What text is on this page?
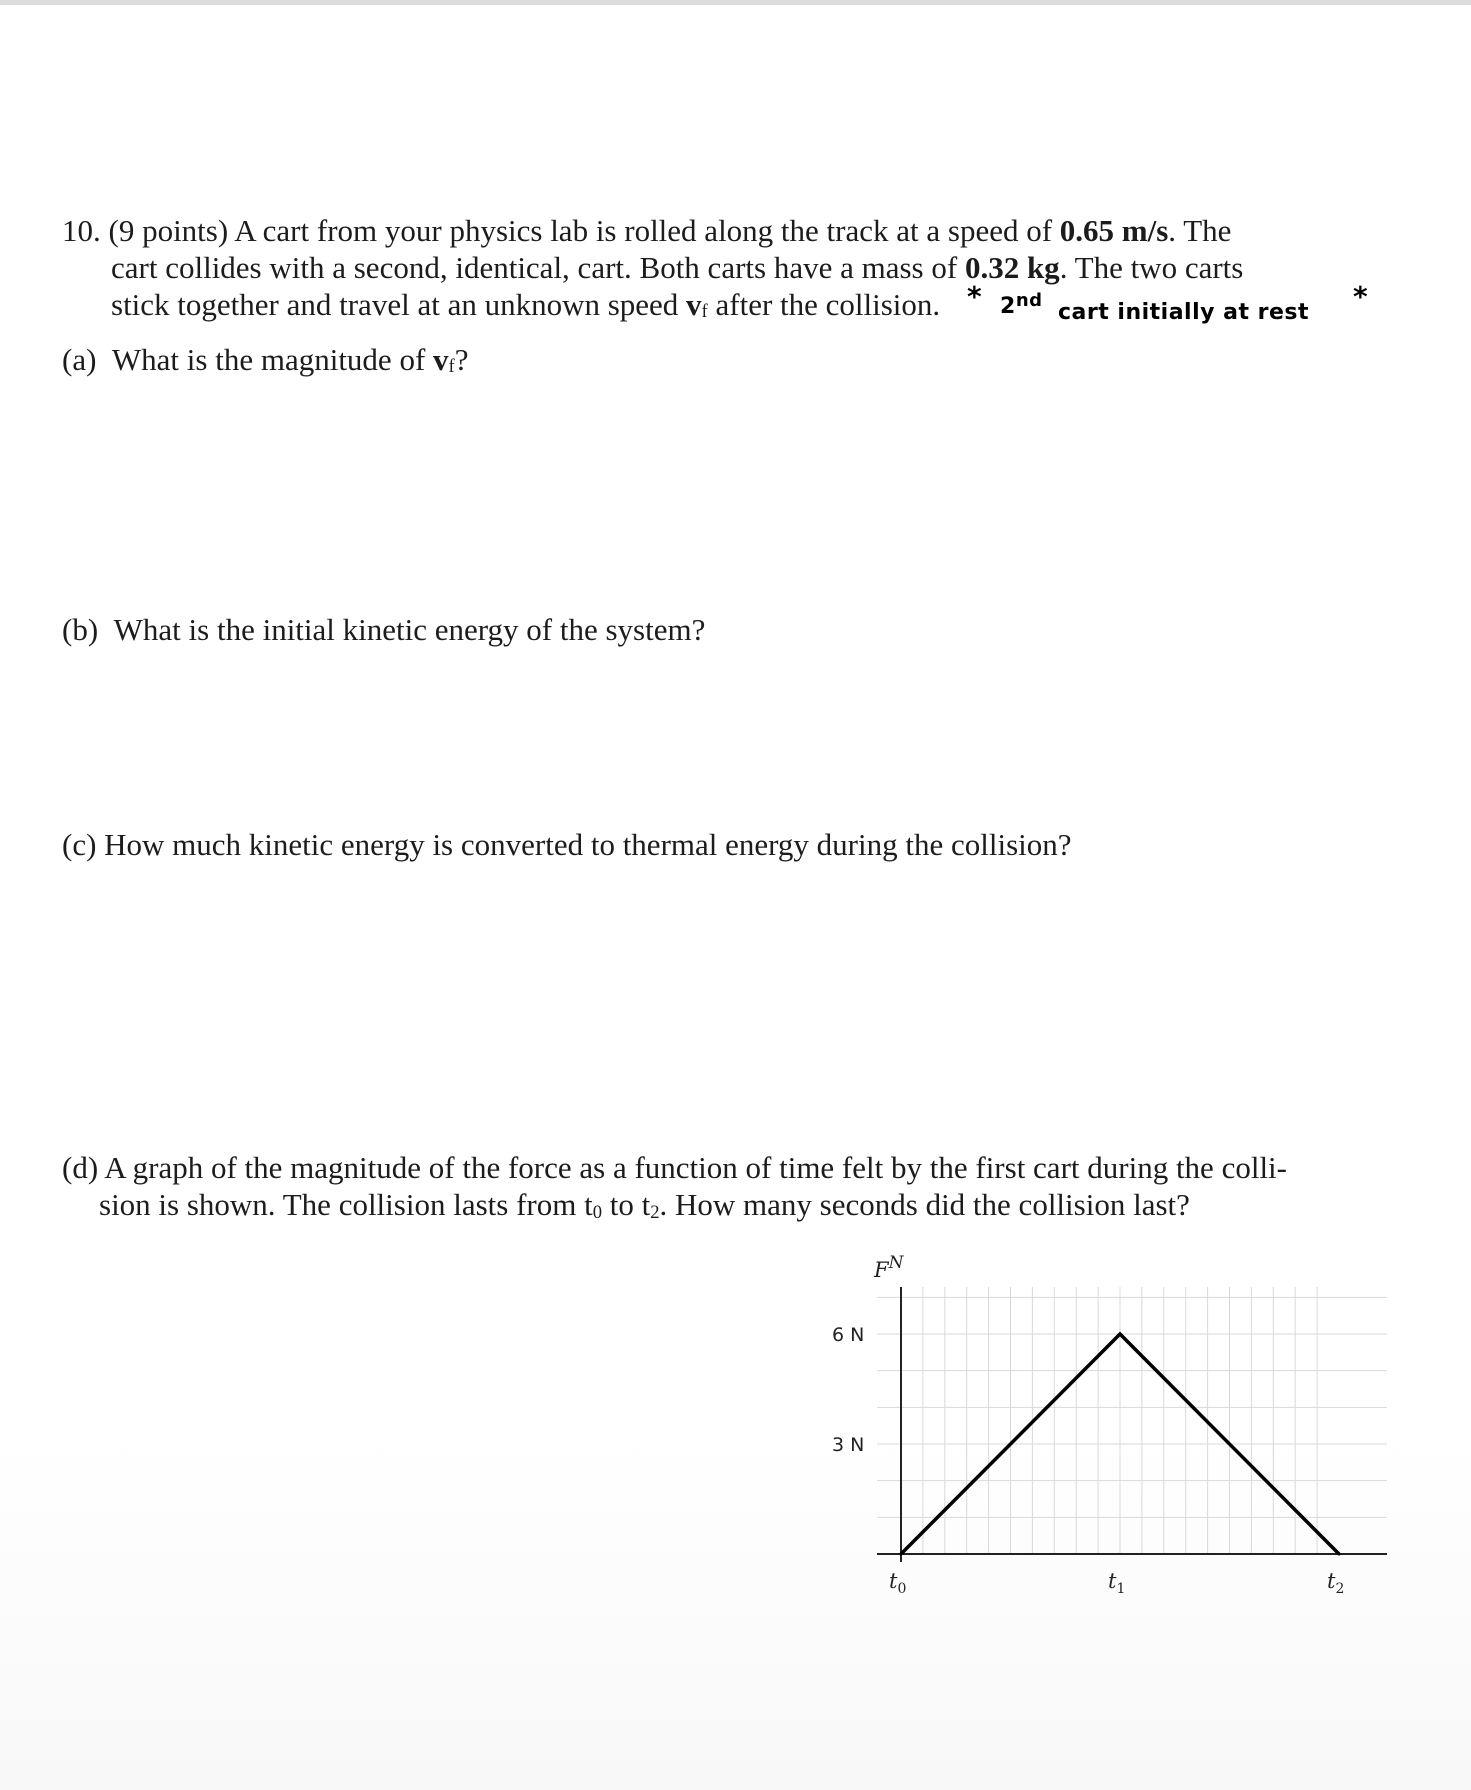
10. (9 points) A cart from your physics lab is rolled along the track at a speed of 0.65 m/s. The
cart collides with a second, identical, cart. Both carts have a mass of 0.32 kg. The two carts
stick together and travel at an unknown speed vf after the collision. * 2nd cart initially at rest *
(a) What is the magnitude of vf?
(b) What is the initial kinetic energy of the system?
(c) How much kinetic energy is converted to thermal energy during the collision?
(d) A graph of the magnitude of the force as a function of time felt by the first cart during the colli-
sion is shown. The collision lasts from $t_0$ to $t_2$. How many seconds did the collision last?
$F^N$
6 N
3 N
$t_0$	$t_1$	$t_2$
